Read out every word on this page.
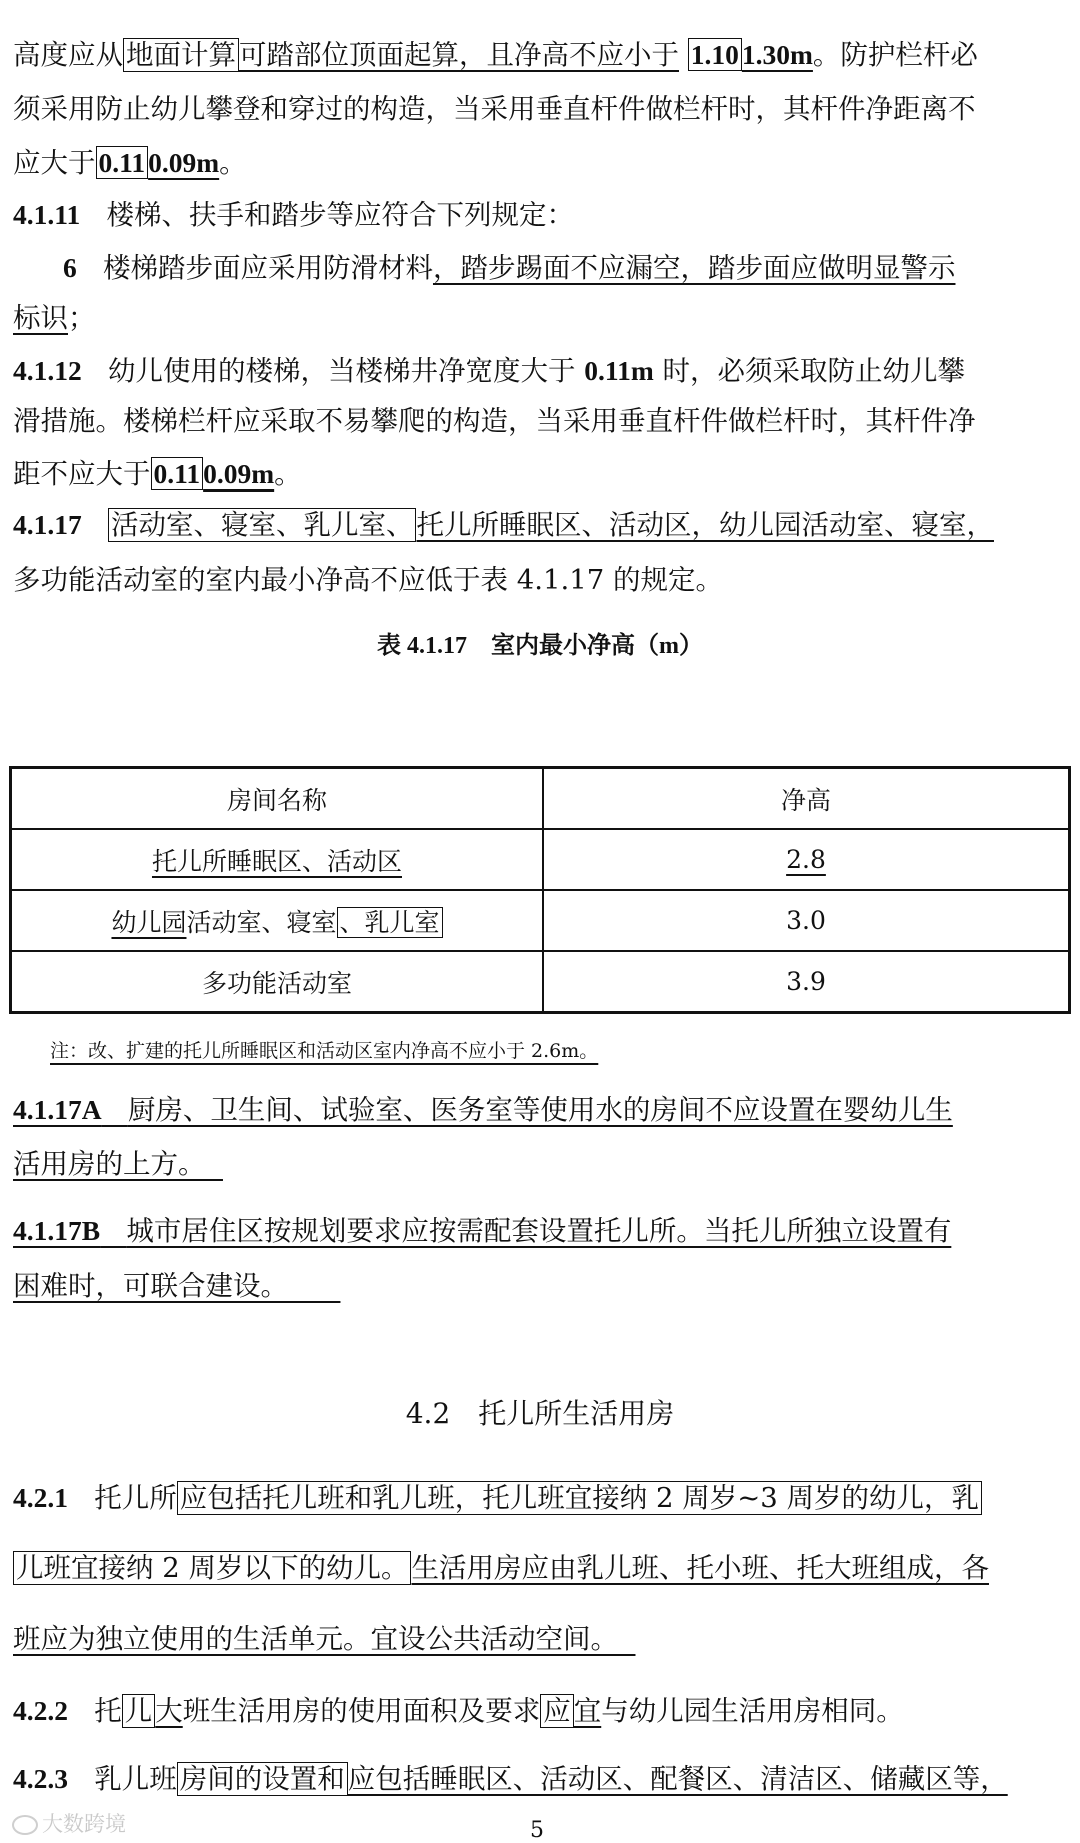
高度应从 地面计算 可踏部位顶面起算，且净高不应小于 1.10 1.30m。防护栏杆必
须采用防止幼儿攀登和穿过的构造，当采用垂直杆件做栏杆时，其杆件净距离不
应大于 0.11 0.09m。
4.1.11 楼梯、扶手和踏步等应符合下列规定：
6 楼梯踏步面应采用防滑材料，踏步踢面不应漏空，踏步面应做明显警示
标识；
4.1.12 幼儿使用的楼梯，当楼梯井净宽度大于 0.11m 时，必须采取防止幼儿攀
滑措施。楼梯栏杆应采取不易攀爬的构造，当采用垂直杆件做栏杆时，其杆件净
距不应大于 0.11 0.09m。
4.1.17 活动室、寝室、乳儿室、 托儿所睡眠区、活动区，幼儿园活动室、寝室，
多功能活动室的室内最小净高不应低于表 4.1.17 的规定。
表 4.1.17　室内最小净高（m）
房间名称	净高
托儿所睡眠区、活动区	2.8
幼儿园活动室、寝室 、乳儿室	3.0
多功能活动室	3.9
注：改、扩建的托儿所睡眠区和活动区室内净高不应小于 2.6m。
4.1.17A 厨房、卫生间、试验室、医务室等使用水的房间不应设置在婴幼儿生
活用房的上方。
4.1.17B 城市居住区按规划要求应按需配套设置托儿所。当托儿所独立设置有
困难时，可联合建设。
4.2　托儿所生活用房
4.2.1 托儿所 应包括托儿班和乳儿班，托儿班宜接纳 2 周岁~3 周岁的幼儿，乳
儿班宜接纳 2 周岁以下的幼儿。 生活用房应由乳儿班、托小班、托大班组成，各
班应为独立使用的生活单元。宜设公共活动空间。
4.2.2 托 儿 大班生活用房的使用面积及要求 应 宜与幼儿园生活用房相同。
4.2.3 乳儿班 房间的设置和 应包括睡眠区、活动区、配餐区、清洁区、储藏区等，
大数跨境	5
